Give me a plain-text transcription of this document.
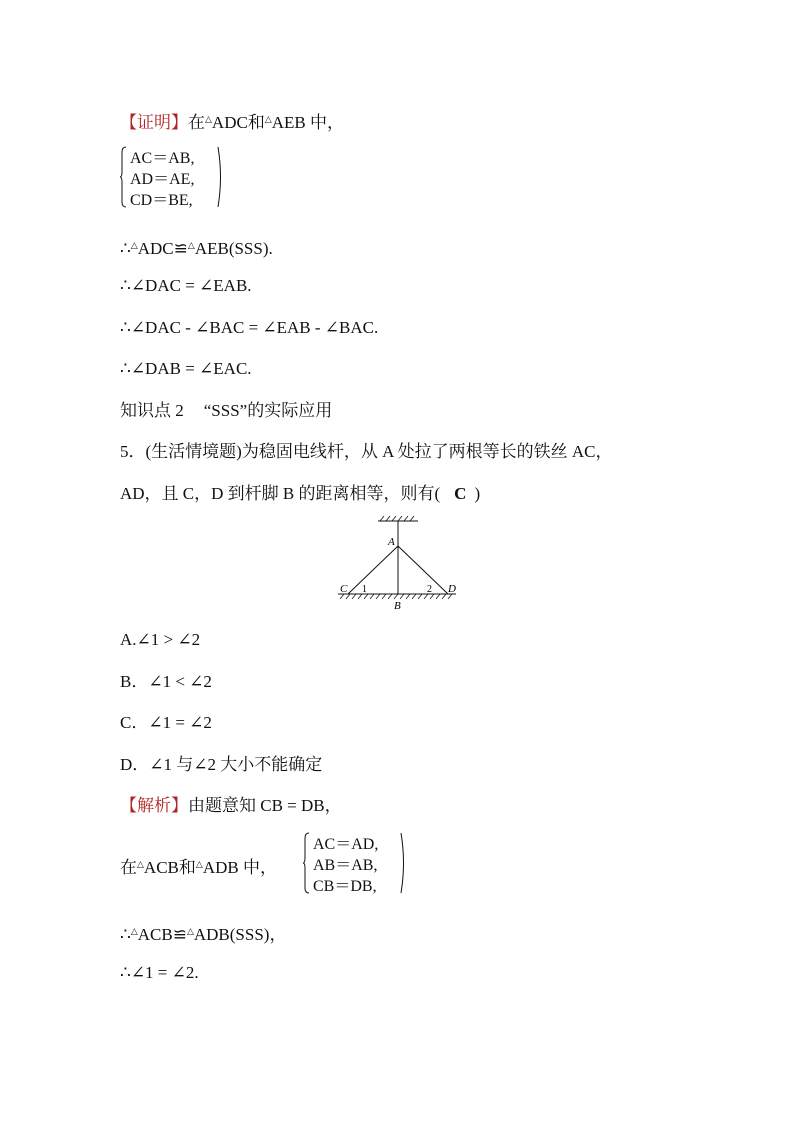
【证明】在△ADC和△AEB 中，
AC＝AB,
AD＝AE,
CD＝BE,
∴△ADC≌△AEB(SSS).
∴∠DAC = ∠EAB.
∴∠DAC - ∠BAC = ∠EAB - ∠BAC.
∴∠DAB = ∠EAC.
知识点 2 “SSS”的实际应用
5．(生活情境题)为稳固电线杆，从 A 处拉了两根等长的铁丝 AC，
AD，且 C，D 到杆脚 B 的距离相等，则有( C )
A
B
C	D
1	2
A.∠1 > ∠2
B．∠1 < ∠2
C．∠1 = ∠2
D．∠1 与∠2 大小不能确定
【解析】由题意知 CB = DB，
在△ACB和△ADB 中，
AC＝AD,
AB＝AB,
CB＝DB,
∴△ACB≌△ADB(SSS)，
∴∠1 = ∠2.
